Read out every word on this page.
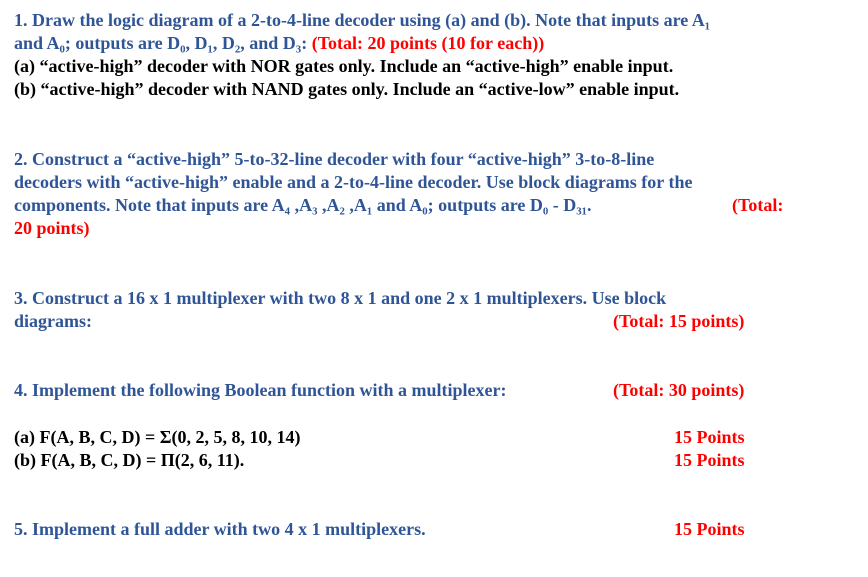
1. Draw the logic diagram of a 2-to-4-line decoder using (a) and (b). Note that inputs are A₁
and A₀; outputs are D₀, D₁, D₂, and D₃: (Total: 20 points (10 for each))
(a) “active-high” decoder with NOR gates only. Include an “active-high” enable input.
(b) “active-high” decoder with NAND gates only. Include an “active-low” enable input.
2. Construct a “active-high” 5-to-32-line decoder with four “active-high” 3-to-8-line
decoders with “active-high” enable and a 2-to-4-line decoder. Use block diagrams for the
components. Note that inputs are A₄ ,A₃ ,A₂ ,A₁ and A₀; outputs are D₀ - D₃₁.	(Total:
20 points)
3. Construct a 16 x 1 multiplexer with two 8 x 1 and one 2 x 1 multiplexers. Use block
diagrams:	(Total: 15 points)
4. Implement the following Boolean function with a multiplexer:	(Total: 30 points)
(a) F(A, B, C, D) = Σ(0, 2, 5, 8, 10, 14)	15 Points
(b) F(A, B, C, D) = Π(2, 6, 11).	15 Points
5. Implement a full adder with two 4 x 1 multiplexers.	15 Points
